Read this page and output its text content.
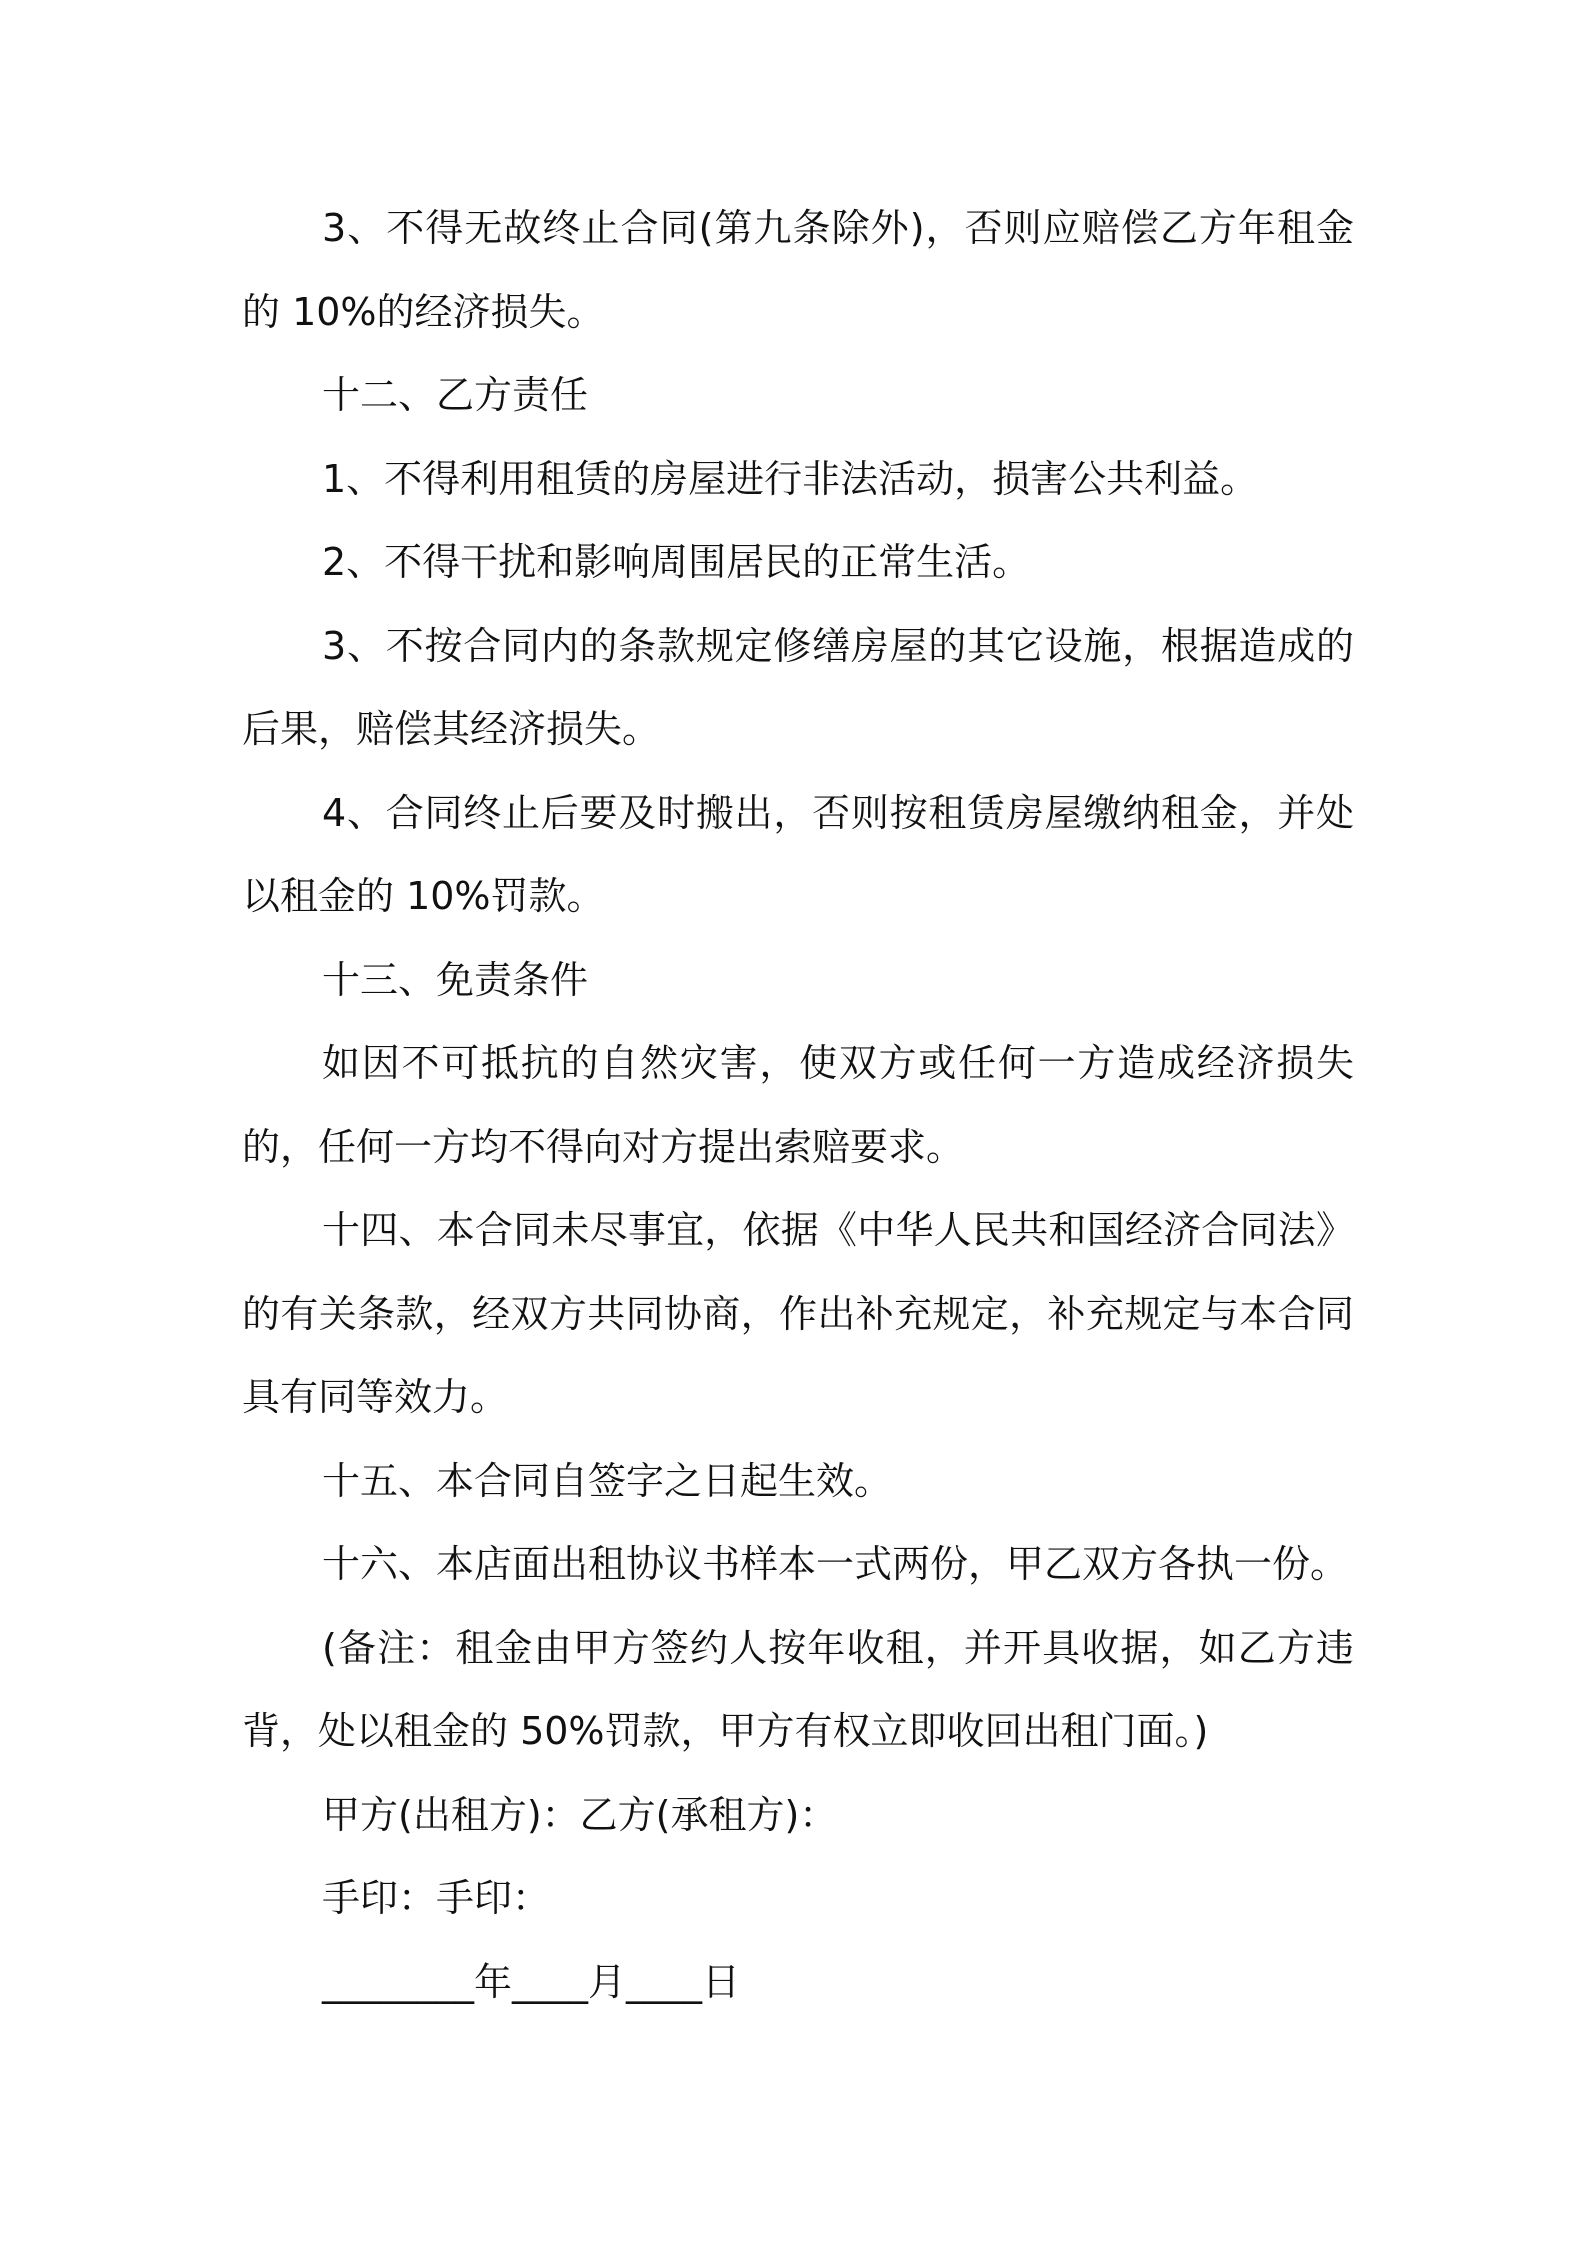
3、不得无故终止合同(第九条除外)，否则应赔偿乙方年租金的 10%的经济损失。

十二、乙方责任

1、不得利用租赁的房屋进行非法活动，损害公共利益。

2、不得干扰和影响周围居民的正常生活。

3、不按合同内的条款规定修缮房屋的其它设施，根据造成的后果，赔偿其经济损失。

4、合同终止后要及时搬出，否则按租赁房屋缴纳租金，并处以租金的 10%罚款。

十三、免责条件

如因不可抵抗的自然灾害，使双方或任何一方造成经济损失的，任何一方均不得向对方提出索赔要求。

十四、本合同未尽事宜，依据《中华人民共和国经济合同法》的有关条款，经双方共同协商，作出补充规定，补充规定与本合同具有同等效力。

十五、本合同自签字之日起生效。

十六、本店面出租协议书样本一式两份，甲乙双方各执一份。

(备注：租金由甲方签约人按年收租，并开具收据，如乙方违背，处以租金的 50%罚款，甲方有权立即收回出租门面。)

甲方(出租方)：乙方(承租方)：

手印：手印：

________年____月____日
